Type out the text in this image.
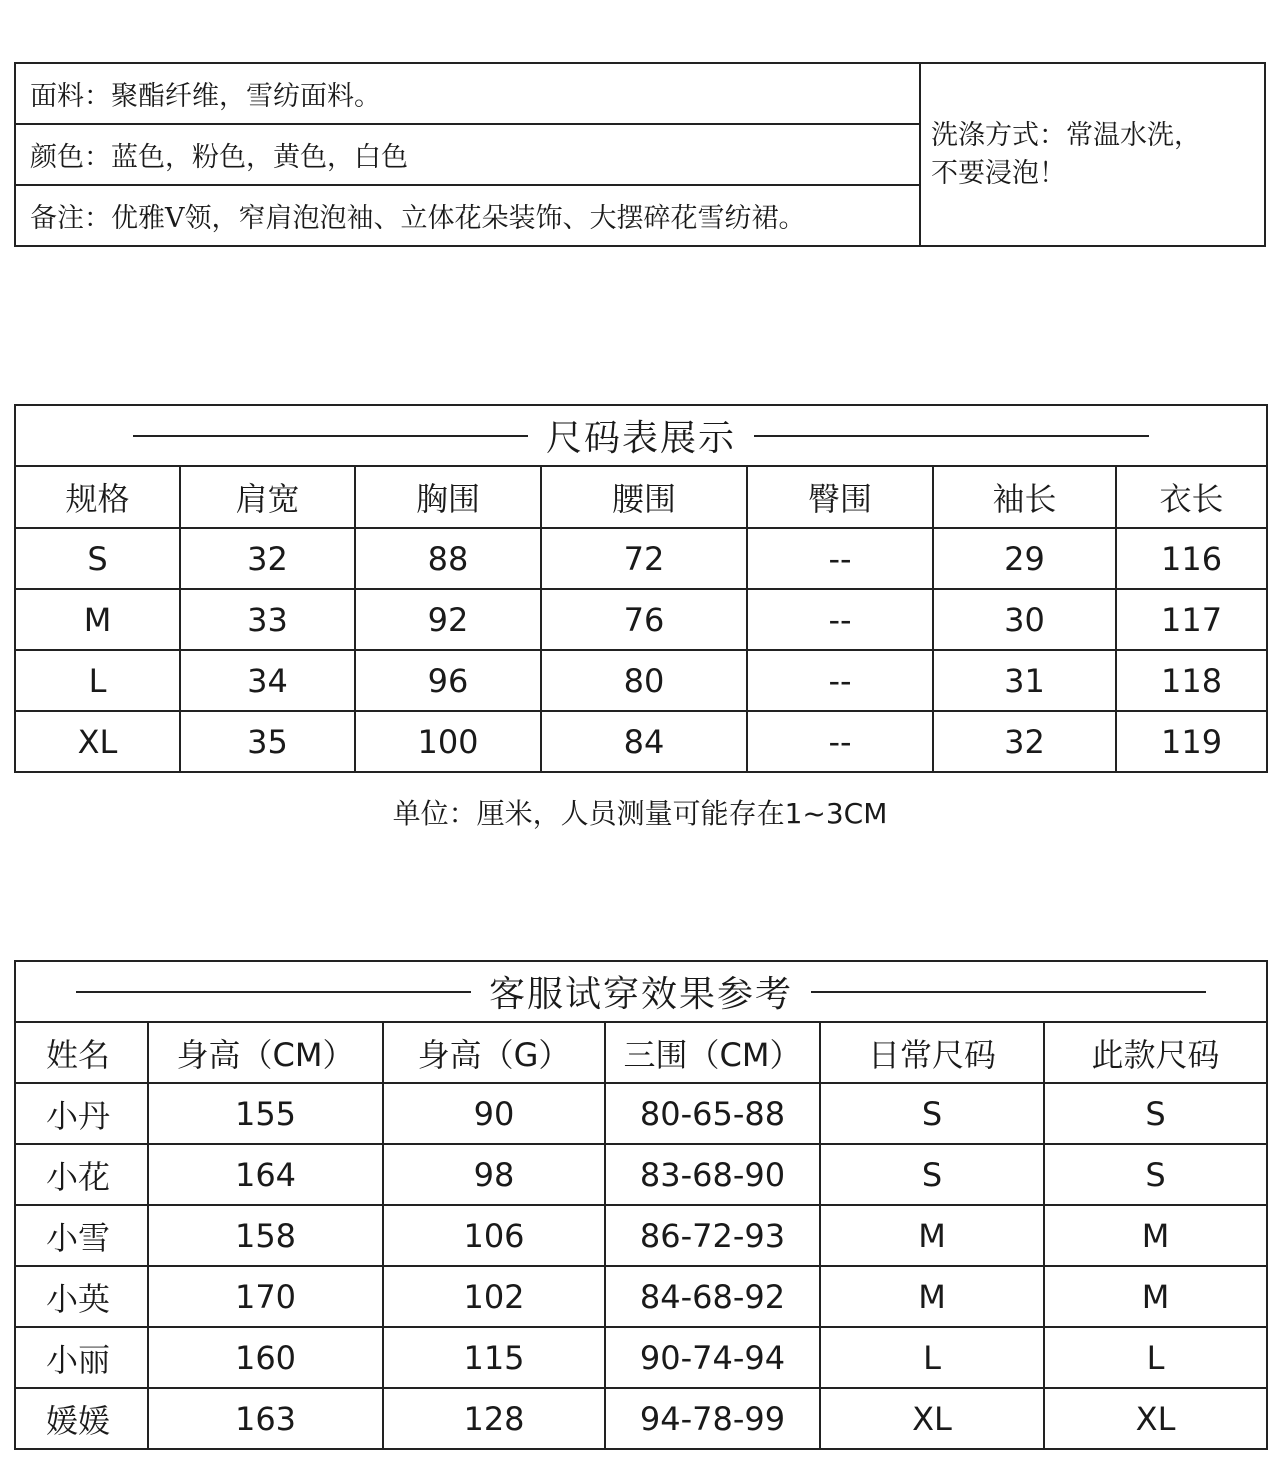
面料：聚酯纤维，雪纺面料。
颜色：蓝色，粉色，黄色，白色
备注：优雅V领，窄肩泡泡袖、立体花朵装饰、大摆碎花雪纺裙。
洗涤方式：常温水洗，
不要浸泡！
尺码表展示						

规格	肩宽	胸围	腰围	臀围	袖长	衣长
S	32	88	72	--	29	116
M	33	92	76	--	30	117
L	34	96	80	--	31	118
XL	35	100	84	--	32	119
单位：厘米，人员测量可能存在1~3CM
客服试穿效果参考					

姓名	身高（CM）	身高（G）	三围（CM）	日常尺码	此款尺码
小丹	155	90	80-65-88	S	S
小花	164	98	83-68-90	S	S
小雪	158	106	86-72-93	M	M
小英	170	102	84-68-92	M	M
小丽	160	115	90-74-94	L	L
媛媛	163	128	94-78-99	XL	XL
